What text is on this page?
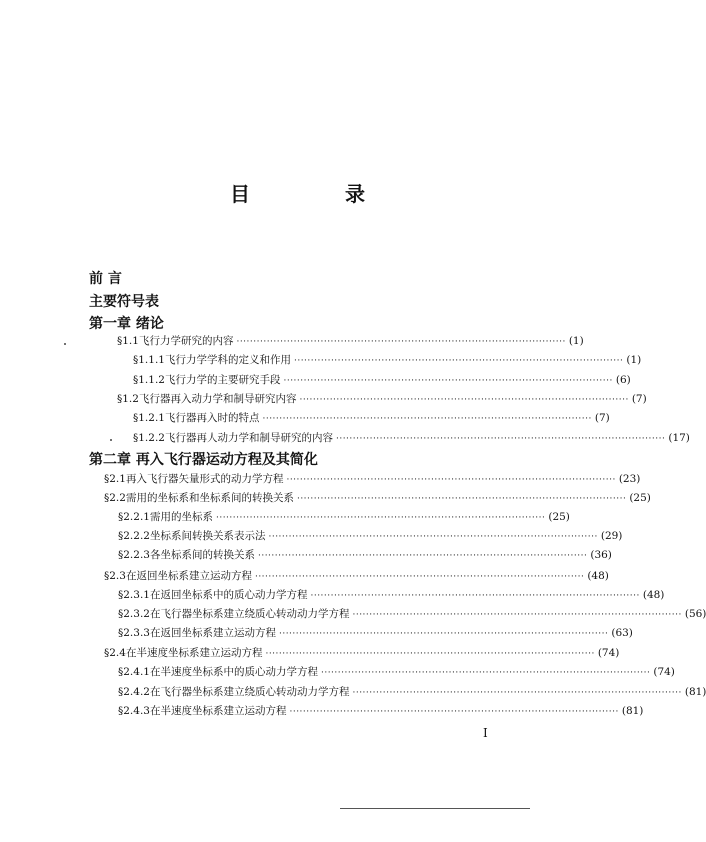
目 录
前 言
主要符号表
第一章 绪论
§1.1 飞行力学研究的内容 ·································································································· (1)
§1.1.1 飞行力学学科的定义和作用 ·································································································· (1)
§1.1.2 飞行力学的主要研究手段 ·································································································· (6)
§1.2 飞行器再入动力学和制导研究内容 ·································································································· (7)
§1.2.1 飞行器再入时的特点 ·································································································· (7)
§1.2.2 飞行器再人动力学和制导研究的内容 ·································································································· (17)
第二章 再入飞行器运动方程及其简化
§2.1 再入飞行器矢量形式的动力学方程 ·································································································· (23)
§2.2 需用的坐标系和坐标系间的转换关系 ·································································································· (25)
§2.2.1 需用的坐标系 ·································································································· (25)
§2.2.2 坐标系间转换关系表示法 ·································································································· (29)
§2.2.3 各坐标系间的转换关系 ·································································································· (36)
§2.3 在返回坐标系建立运动方程 ·································································································· (48)
§2.3.1 在返回坐标系中的质心动力学方程 ·································································································· (48)
§2.3.2 在飞行器坐标系建立绕质心转动动力学方程 ·································································································· (56)
§2.3.3 在返回坐标系建立运动方程 ·································································································· (63)
§2.4 在半速度坐标系建立运动方程 ·································································································· (74)
§2.4.1 在半速度坐标系中的质心动力学方程 ·································································································· (74)
§2.4.2 在飞行器坐标系建立绕质心转动动力学方程 ·································································································· (81)
§2.4.3 在半速度坐标系建立运动方程 ·································································································· (81)
I
